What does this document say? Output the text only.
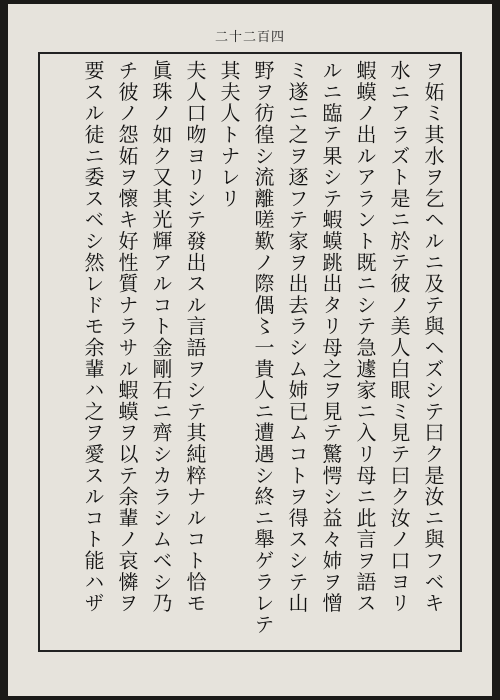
二十二百四
ヲ妬ミ其水ヲ乞ヘルニ及テ與ヘズシテ曰ク是汝ニ與フベキ
水ニアラズト是ニ於テ彼ノ美人白眼ミ見テ曰ク汝ノ口ヨリ
蝦蟆ノ出ルアラント既ニシテ急遽家ニ入リ母ニ此言ヲ語ス
ルニ臨テ果シテ蝦蟆跳出タリ母之ヲ見テ驚愕シ益々姉ヲ憎
ミ遂ニ之ヲ逐フテ家ヲ出去ラシム姉已ムコトヲ得スシテ山
野ヲ彷徨シ流離嗟歎ノ際偶〻一貴人ニ遭遇シ終ニ舉ゲラレテ
其夫人トナレリ
夫人口吻ヨリシテ發出スル言語ヲシテ其純粹ナルコト恰モ
眞珠ノ如ク又其光輝アルコト金剛石ニ齊シカラシムベシ乃
チ彼ノ怨妬ヲ懷キ好性質ナラサル蝦蟆ヲ以テ余輩ノ哀憐ヲ
要スル徒ニ委スベシ然レドモ余輩ハ之ヲ愛スルコト能ハザ
